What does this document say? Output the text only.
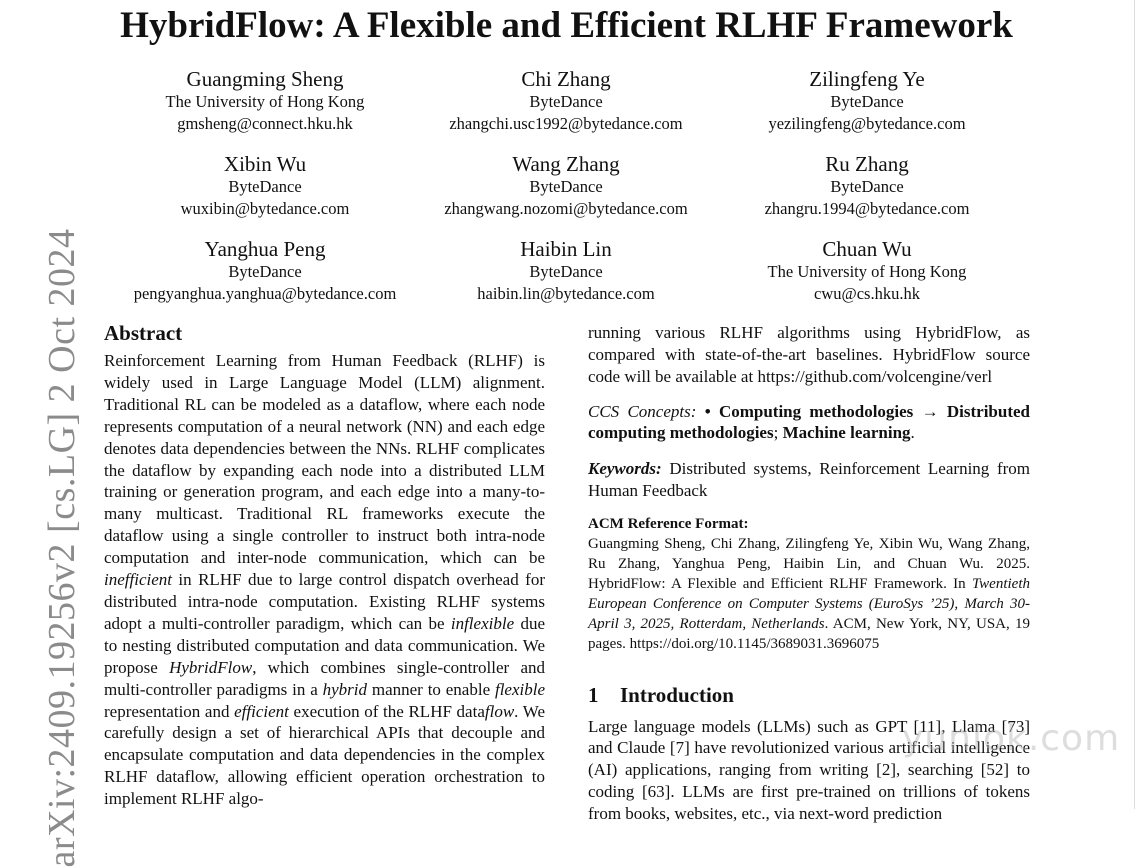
arXiv:2409.19256v2 [cs.LG] 2 Oct 2024
HybridFlow: A Flexible and Efficient RLHF Framework
Guangming Sheng
The University of Hong Kong
gmsheng@connect.hku.hk
Chi Zhang
ByteDance
zhangchi.usc1992@bytedance.com
Zilingfeng Ye
ByteDance
yezilingfeng@bytedance.com
Xibin Wu
ByteDance
wuxibin@bytedance.com
Wang Zhang
ByteDance
zhangwang.nozomi@bytedance.com
Ru Zhang
ByteDance
zhangru.1994@bytedance.com
Yanghua Peng
ByteDance
pengyanghua.yanghua@bytedance.com
Haibin Lin
ByteDance
haibin.lin@bytedance.com
Chuan Wu
The University of Hong Kong
cwu@cs.hku.hk
Abstract

Reinforcement Learning from Human Feedback (RLHF) is widely used in Large Language Model (LLM) alignment. Traditional RL can be modeled as a dataflow, where each node represents computation of a neural network (NN) and each edge denotes data dependencies between the NNs. RLHF complicates the dataflow by expanding each node into a distributed LLM training or generation program, and each edge into a many-to-many multicast. Traditional RL frameworks execute the dataflow using a single controller to instruct both intra-node computation and inter-node communication, which can be inefficient in RLHF due to large control dispatch overhead for distributed intra-node computation. Existing RLHF systems adopt a multi-controller paradigm, which can be inflexible due to nesting distributed computation and data communication. We propose HybridFlow, which combines single-controller and multi-controller paradigms in a hybrid manner to enable flexible representation and efficient execution of the RLHF dataflow. We carefully design a set of hierarchical APIs that decouple and encapsulate computation and data dependencies in the complex RLHF dataflow, allowing efficient operation orchestration to implement RLHF algo-

running various RLHF algorithms using HybridFlow, as compared with state-of-the-art baselines. HybridFlow source code will be available at https://github.com/volcengine/verl

CCS Concepts: • Computing methodologies → Distributed computing methodologies; Machine learning.
Keywords: Distributed systems, Reinforcement Learning from Human Feedback
ACM Reference Format:

Guangming Sheng, Chi Zhang, Zilingfeng Ye, Xibin Wu, Wang Zhang, Ru Zhang, Yanghua Peng, Haibin Lin, and Chuan Wu. 2025. HybridFlow: A Flexible and Efficient RLHF Framework. In Twentieth European Conference on Computer Systems (EuroSys ’25), March 30-April 3, 2025, Rotterdam, Netherlands. ACM, New York, NY, USA, 19 pages. https://doi.org/10.1145/3689031.3696075

1 Introduction

Large language models (LLMs) such as GPT [11], Llama [73] and Claude [7] have revolutionized various artificial intelligence (AI) applications, ranging from writing [2], searching [52] to coding [63]. LLMs are first pre-trained on trillions of tokens from books, websites, etc., via next-word prediction

yunlok.com
